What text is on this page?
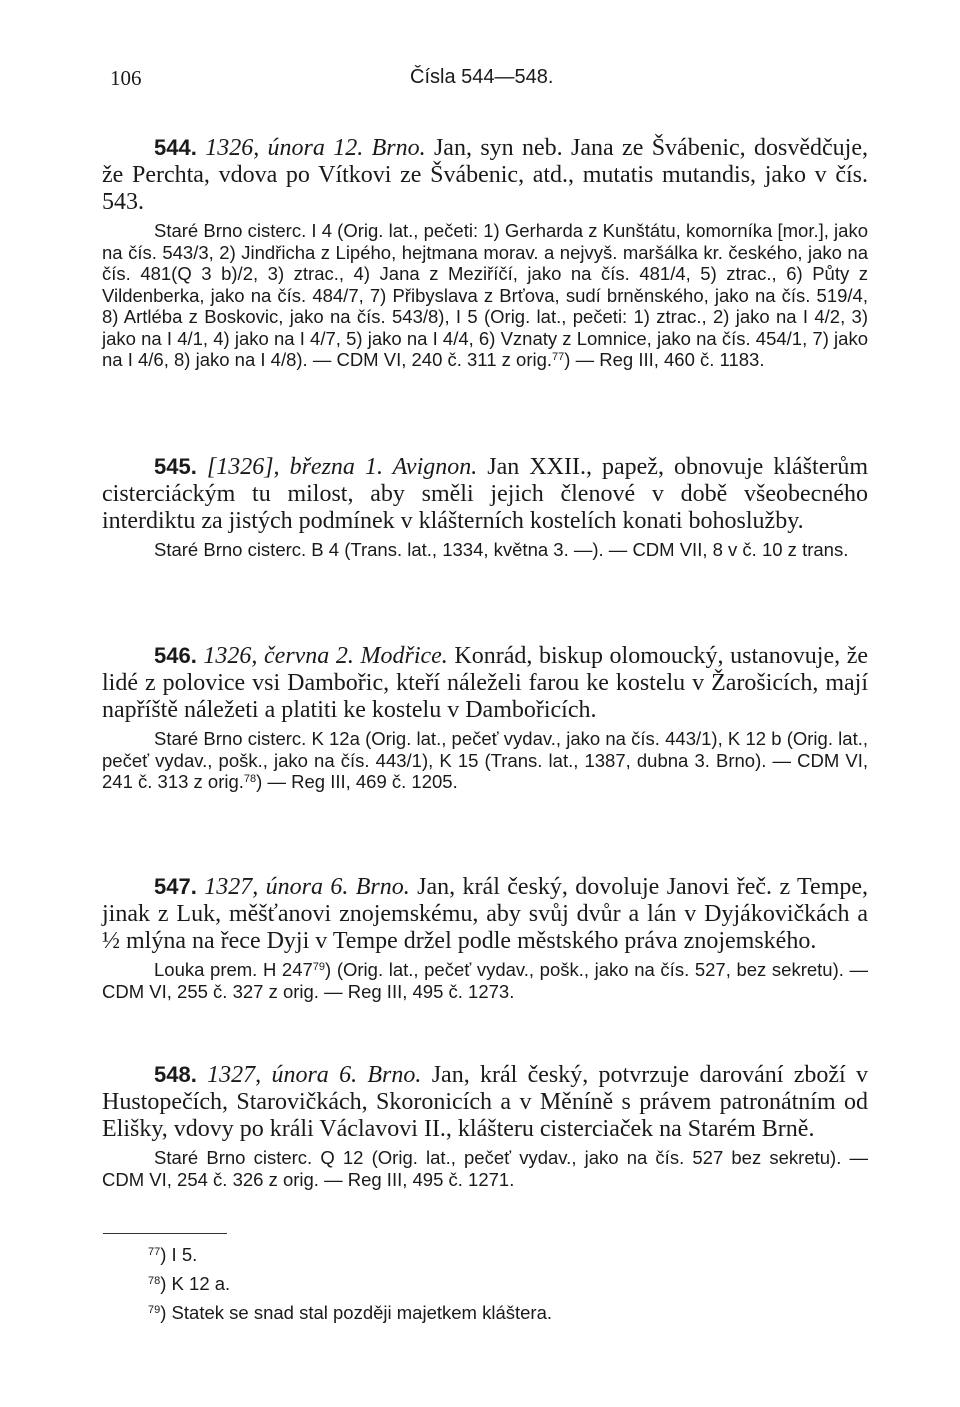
106	Čísla 544—548.

544. 1326, února 12. Brno. Jan, syn neb. Jana ze Švábenic, dosvědčuje, že Perchta, vdova po Vítkovi ze Švábenic, atd., mutatis mutandis, jako v čís. 543.

Staré Brno cisterc. I 4 (Orig. lat., pečeti: 1) Gerharda z Kunštátu, komorníka [mor.], jako na čís. 543/3, 2) Jindřicha z Lipého, hejtmana morav. a nejvyš. maršálka kr. českého, jako na čís. 481(Q 3 b)/2, 3) ztrac., 4) Jana z Meziříčí, jako na čís. 481/4, 5) ztrac., 6) Půty z Vildenberka, jako na čís. 484/7, 7) Přibyslava z Brťova, sudí brněnského, jako na čís. 519/4, 8) Artléba z Boskovic, jako na čís. 543/8), I 5 (Orig. lat., pečeti: 1) ztrac., 2) jako na I 4/2, 3) jako na I 4/1, 4) jako na I 4/7, 5) jako na I 4/4, 6) Vznaty z Lomnice, jako na čís. 454/1, 7) jako na I 4/6, 8) jako na I 4/8). — CDM VI, 240 č. 311 z orig.$^{77}$) — Reg III, 460 č. 1183.

545. [1326], března 1. Avignon. Jan XXII., papež, obnovuje klášterům cisterciáckým tu milost, aby směli jejich členové v době všeobecného interdiktu za jistých podmínek v klášterních kostelích konati bohoslužby.

Staré Brno cisterc. B 4 (Trans. lat., 1334, května 3. —). — CDM VII, 8 v č. 10 z trans.

546. 1326, června 2. Modřice. Konrád, biskup olomoucký, ustanovuje, že lidé z polovice vsi Dambořic, kteří náleželi farou ke kostelu v Žarošicích, mají napříště náležeti a platiti ke kostelu v Dambořicích.

Staré Brno cisterc. K 12a (Orig. lat., pečeť vydav., jako na čís. 443/1), K 12 b (Orig. lat., pečeť vydav., pošk., jako na čís. 443/1), K 15 (Trans. lat., 1387, dubna 3. Brno). — CDM VI, 241 č. 313 z orig.$^{78}$) — Reg III, 469 č. 1205.

547. 1327, února 6. Brno. Jan, král český, dovoluje Janovi řeč. z Tempe, jinak z Luk, měšťanovi znojemskému, aby svůj dvůr a lán v Dyjákovičkách a ½ mlýna na řece Dyji v Tempe držel podle městského práva znojemského.

Louka prem. H $247^{79}$) (Orig. lat., pečeť vydav., pošk., jako na čís. 527, bez sekretu). — CDM VI, 255 č. 327 z orig. — Reg III, 495 č. 1273.

548. 1327, února 6. Brno. Jan, král český, potvrzuje darování zboží v Hustopečích, Starovičkách, Skoronicích a v Měníně s právem patronátním od Elišky, vdovy po králi Václavovi II., klášteru cisterciaček na Starém Brně.

Staré Brno cisterc. Q 12 (Orig. lat., pečeť vydav., jako na čís. 527 bez sekretu). — CDM VI, 254 č. 326 z orig. — Reg III, 495 č. 1271.

$^{77}$) I 5.
$^{78}$) K 12 a.
$^{79}$) Statek se snad stal později majetkem kláštera.
